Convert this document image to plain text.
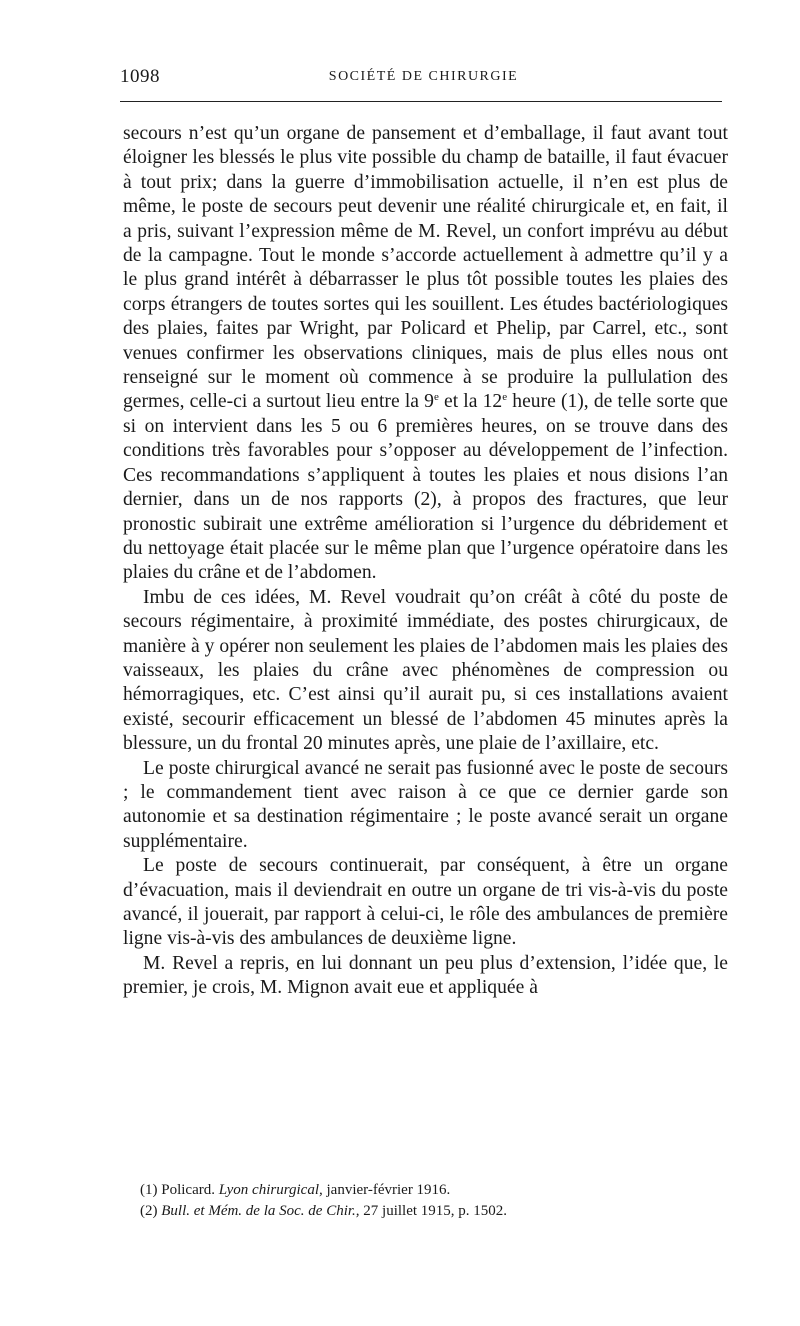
1098	SOCIÉTÉ DE CHIRURGIE

secours n’est qu’un organe de pansement et d’emballage, il faut avant tout éloigner les blessés le plus vite possible du champ de bataille, il faut évacuer à tout prix; dans la guerre d’immobilisation actuelle, il n’en est plus de même, le poste de secours peut devenir une réalité chirurgicale et, en fait, il a pris, suivant l’expression même de M. Revel, un confort imprévu au début de la campagne. Tout le monde s’accorde actuellement à admettre qu’il y a le plus grand intérêt à débarrasser le plus tôt possible toutes les plaies des corps étrangers de toutes sortes qui les souillent. Les études bactériologiques des plaies, faites par Wright, par Policard et Phelip, par Carrel, etc., sont venues confirmer les observations cliniques, mais de plus elles nous ont renseigné sur le moment où commence à se produire la pullulation des germes, celle-ci a surtout lieu entre la 9e et la 12e heure (1), de telle sorte que si on intervient dans les 5 ou 6 premières heures, on se trouve dans des conditions très favorables pour s’opposer au développement de l’infection. Ces recommandations s’appliquent à toutes les plaies et nous disions l’an dernier, dans un de nos rapports (2), à propos des fractures, que leur pronostic subirait une extrême amélioration si l’urgence du débridement et du nettoyage était placée sur le même plan que l’urgence opératoire dans les plaies du crâne et de l’abdomen.

Imbu de ces idées, M. Revel voudrait qu’on créât à côté du poste de secours régimentaire, à proximité immédiate, des postes chirurgicaux, de manière à y opérer non seulement les plaies de l’abdomen mais les plaies des vaisseaux, les plaies du crâne avec phénomènes de compression ou hémorragiques, etc. C’est ainsi qu’il aurait pu, si ces installations avaient existé, secourir efficacement un blessé de l’abdomen 45 minutes après la blessure, un du frontal 20 minutes après, une plaie de l’axillaire, etc.

Le poste chirurgical avancé ne serait pas fusionné avec le poste de secours ; le commandement tient avec raison à ce que ce dernier garde son autonomie et sa destination régimentaire ; le poste avancé serait un organe supplémentaire.

Le poste de secours continuerait, par conséquent, à être un organe d’évacuation, mais il deviendrait en outre un organe de tri vis-à-vis du poste avancé, il jouerait, par rapport à celui-ci, le rôle des ambulances de première ligne vis-à-vis des ambulances de deuxième ligne.

M. Revel a repris, en lui donnant un peu plus d’extension, l’idée que, le premier, je crois, M. Mignon avait eue et appliquée à

(1) Policard. Lyon chirurgical, janvier-février 1916.
(2) Bull. et Mém. de la Soc. de Chir., 27 juillet 1915, p. 1502.
